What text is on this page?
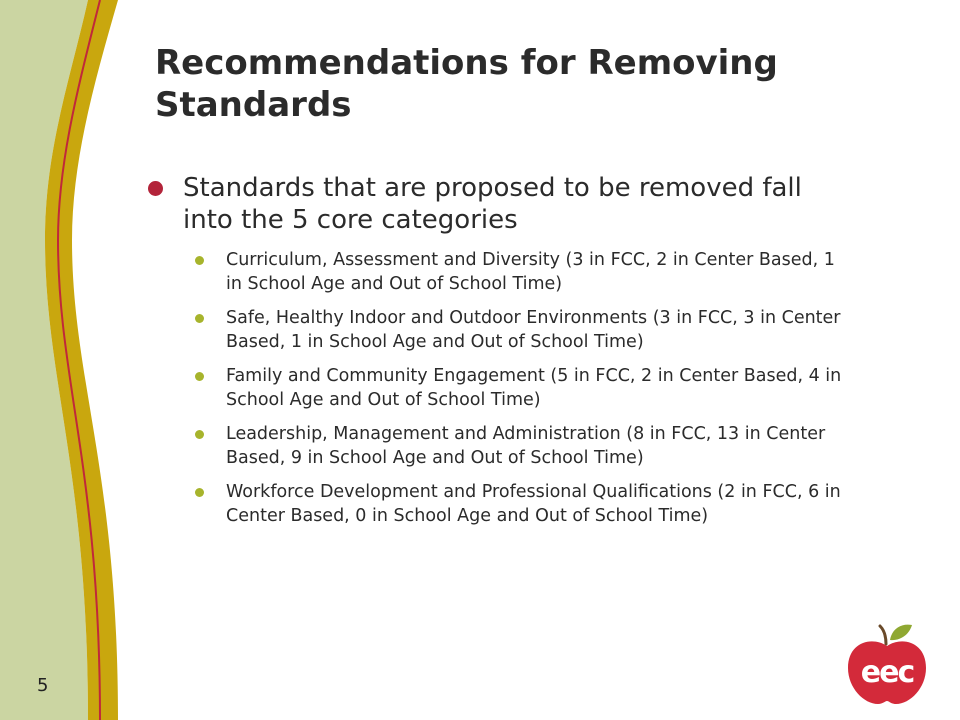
Recommendations for Removing Standards
Standards that are proposed to be removed fall into the 5 core categories
Curriculum, Assessment and Diversity (3 in FCC, 2 in Center Based, 1 in School Age and Out of School Time)
Safe, Healthy Indoor and Outdoor Environments (3 in FCC, 3 in Center Based, 1 in School Age and Out of School Time)
Family and Community Engagement (5 in FCC, 2 in Center Based, 4 in School Age and Out of School Time)
Leadership, Management and Administration (8 in FCC, 13 in Center Based, 9 in School Age and Out of School Time)
Workforce Development and Professional Qualifications (2 in FCC, 6 in Center Based, 0 in School Age and Out of School Time)
5	eec
